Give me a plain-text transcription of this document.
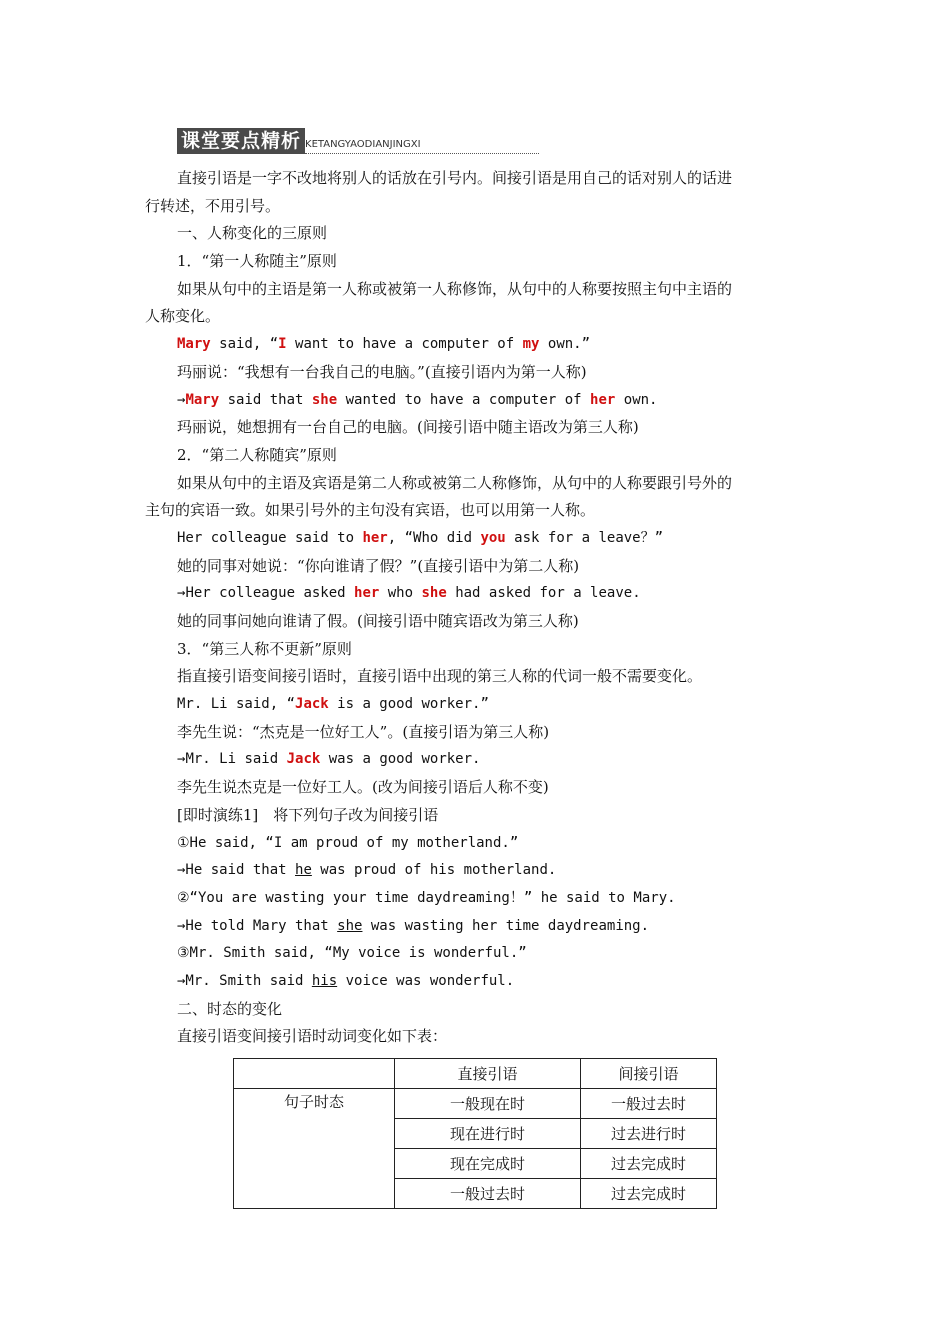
课堂要点精析 KETANGYAODIANJINGXI
直接引语是一字不改地将别人的话放在引号内。间接引语是用自己的话对别人的话进
行转述，不用引号。
一、人称变化的三原则
1．“第一人称随主”原则
如果从句中的主语是第一人称或被第一人称修饰，从句中的人称要按照主句中主语的
人称变化。
Mary said, “I want to have a computer of my own.”
玛丽说：“我想有一台我自己的电脑。”(直接引语内为第一人称)
→Mary said that she wanted to have a computer of her own.
玛丽说，她想拥有一台自己的电脑。(间接引语中随主语改为第三人称)
2．“第二人称随宾”原则
如果从句中的主语及宾语是第二人称或被第二人称修饰，从句中的人称要跟引号外的
主句的宾语一致。如果引号外的主句没有宾语，也可以用第一人称。
Her colleague said to her, “Who did you ask for a leave？”
她的同事对她说：“你向谁请了假？”(直接引语中为第二人称)
→Her colleague asked her who she had asked for a leave.
她的同事问她向谁请了假。(间接引语中随宾语改为第三人称)
3．“第三人称不更新”原则
指直接引语变间接引语时，直接引语中出现的第三人称的代词一般不需要变化。
Mr. Li said, “Jack is a good worker.”
李先生说：“杰克是一位好工人”。(直接引语为第三人称)
→Mr. Li said Jack was a good worker.
李先生说杰克是一位好工人。(改为间接引语后人称不变)
[即时演练1]　将下列句子改为间接引语
①He said, “I am proud of my motherland.”
→He said that he was proud of his motherland.
②“You are wasting your time daydreaming！” he said to Mary.
→He told Mary that she was wasting her time daydreaming.
③Mr. Smith said, “My voice is wonderful.”
→Mr. Smith said his voice was wonderful.
二、时态的变化
直接引语变间接引语时动词变化如下表：
	直接引语	间接引语
句子时态	一般现在时	一般过去时
	现在进行时	过去进行时
	现在完成时	过去完成时
	一般过去时	过去完成时
